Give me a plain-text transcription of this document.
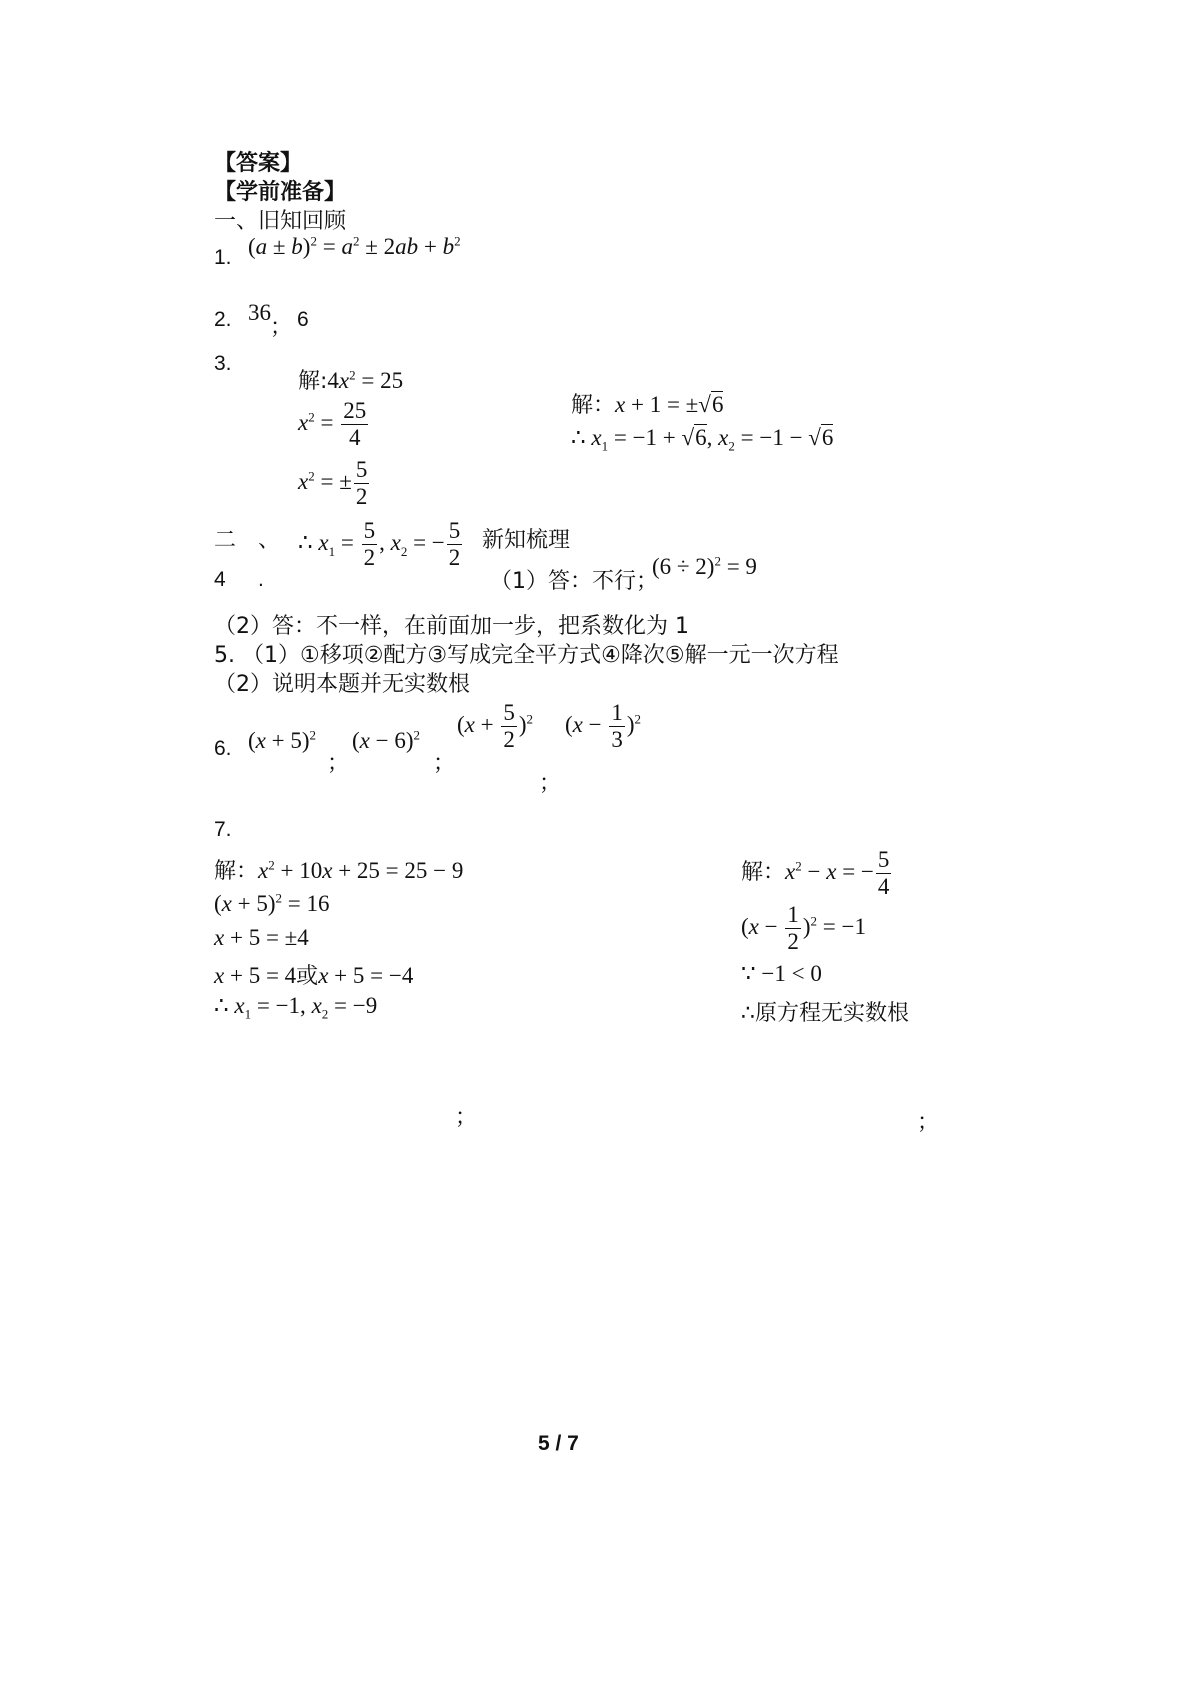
【答案】
【学前准备】
一、旧知回顾
1. $(a \pm b)^2 = a^2 \pm 2ab + b^2$
2. 36
； 6
3.
解$:4x^2 = 25$
$x^2 = \frac{25}{4}$
$x^2$ = ± $\frac{5}{2}$
解：x + 1 = ±√6
∴ $x_1 = -1 + √6$, $x_2 = -1 - √6$
二 、 ∴ $x_1 = \frac{5}{2}$ , $x_2$ = − $\frac{5}{2}$ 新知梳理
4 .	（1）答：不行；
$(6 \div 2)^2 = 9$
（2）答：不一样，在前面加一步，把系数化为 1
5. （1）①移项②配方③写成完全平方式④降次⑤解一元一次方程
（2）说明本题并无实数根
6. $(x + 5)^2$
；
$(x - 6)^2$
；
$(x + \frac{5}{2} )^2$ $(x - \frac{1}{3} )^2$
；
7.
解：$x^2 + 10x + 25 = 25 - 9$
$(x + 5)^2 = 16$
x + 5 = ±4
x + 5 = 4或x + 5 = −4
∴ $x_1 = -1$, $x_2 = -9$
解：$x^2 - x$ = − $\frac{5}{4}$
$(x - \frac{1}{2} )^2 = -1$
∵ −1 < 0
∴原方程无实数根
；	；
5 / 7
